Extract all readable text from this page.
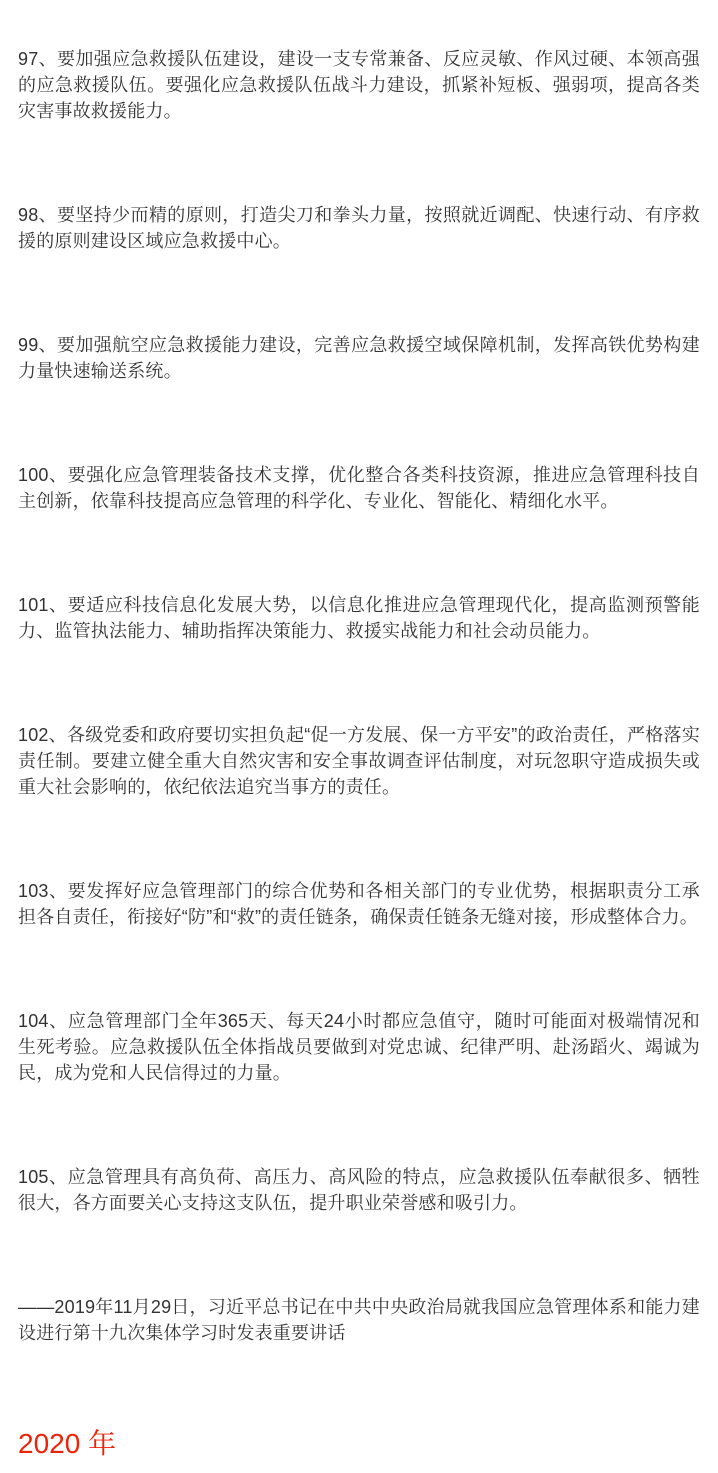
97、要加强应急救援队伍建设，建设一支专常兼备、反应灵敏、作风过硬、本领高强的应急救援队伍。要强化应急救援队伍战斗力建设，抓紧补短板、强弱项，提高各类灾害事故救援能力。

98、要坚持少而精的原则，打造尖刀和拳头力量，按照就近调配、快速行动、有序救援的原则建设区域应急救援中心。

99、要加强航空应急救援能力建设，完善应急救援空域保障机制，发挥高铁优势构建力量快速输送系统。

100、要强化应急管理装备技术支撑，优化整合各类科技资源，推进应急管理科技自主创新，依靠科技提高应急管理的科学化、专业化、智能化、精细化水平。

101、要适应科技信息化发展大势，以信息化推进应急管理现代化，提高监测预警能力、监管执法能力、辅助指挥决策能力、救援实战能力和社会动员能力。

102、各级党委和政府要切实担负起“促一方发展、保一方平安”的政治责任，严格落实责任制。要建立健全重大自然灾害和安全事故调查评估制度，对玩忽职守造成损失或重大社会影响的，依纪依法追究当事方的责任。

103、要发挥好应急管理部门的综合优势和各相关部门的专业优势，根据职责分工承担各自责任，衔接好“防”和“救”的责任链条，确保责任链条无缝对接，形成整体合力。

104、应急管理部门全年365天、每天24小时都应急值守，随时可能面对极端情况和生死考验。应急救援队伍全体指战员要做到对党忠诚、纪律严明、赴汤蹈火、竭诚为民，成为党和人民信得过的力量。

105、应急管理具有高负荷、高压力、高风险的特点，应急救援队伍奉献很多、牺牲很大，各方面要关心支持这支队伍，提升职业荣誉感和吸引力。

——2019年11月29日，习近平总书记在中共中央政治局就我国应急管理体系和能力建设进行第十九次集体学习时发表重要讲话

2020 年
